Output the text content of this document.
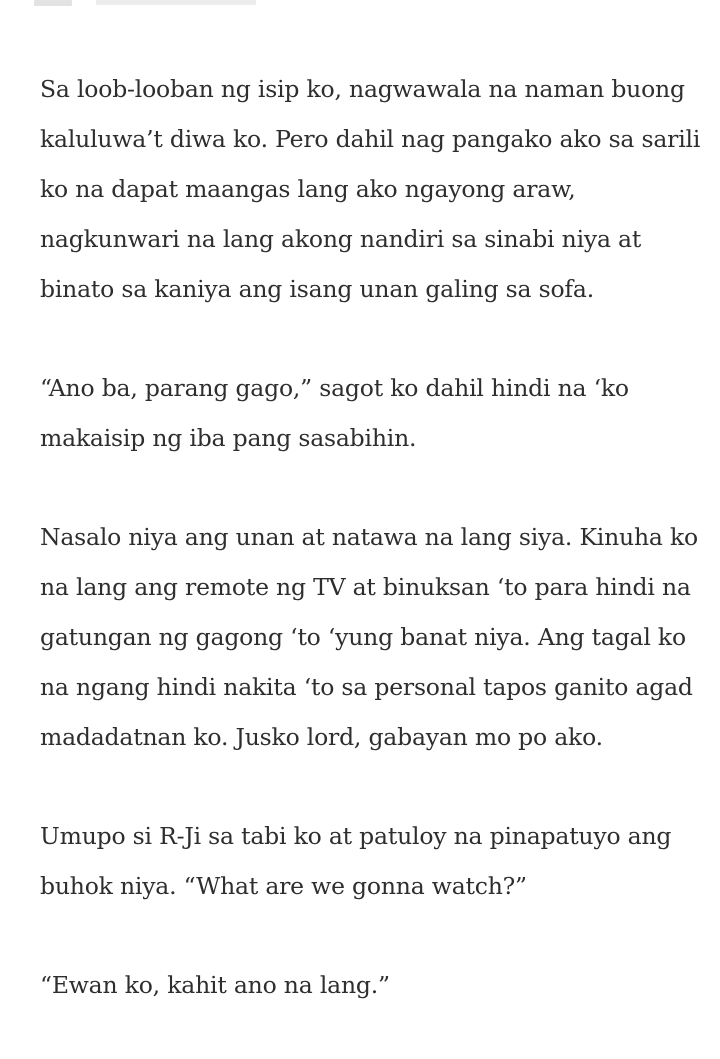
Sa loob-looban ng isip ko, nagwawala na naman buong
kaluluwa’t diwa ko. Pero dahil nag pangako ako sa sarili
ko na dapat maangas lang ako ngayong araw,
nagkunwari na lang akong nandiri sa sinabi niya at
binato sa kaniya ang isang unan galing sa sofa.

“Ano ba, parang gago,” sagot ko dahil hindi na ‘ko
makaisip ng iba pang sasabihin.

Nasalo niya ang unan at natawa na lang siya. Kinuha ko
na lang ang remote ng TV at binuksan ‘to para hindi na
gatungan ng gagong ‘to ‘yung banat niya. Ang tagal ko
na ngang hindi nakita ‘to sa personal tapos ganito agad
madadatnan ko. Jusko lord, gabayan mo po ako.

Umupo si R-Ji sa tabi ko at patuloy na pinapatuyo ang
buhok niya. “What are we gonna watch?”

“Ewan ko, kahit ano na lang.”
